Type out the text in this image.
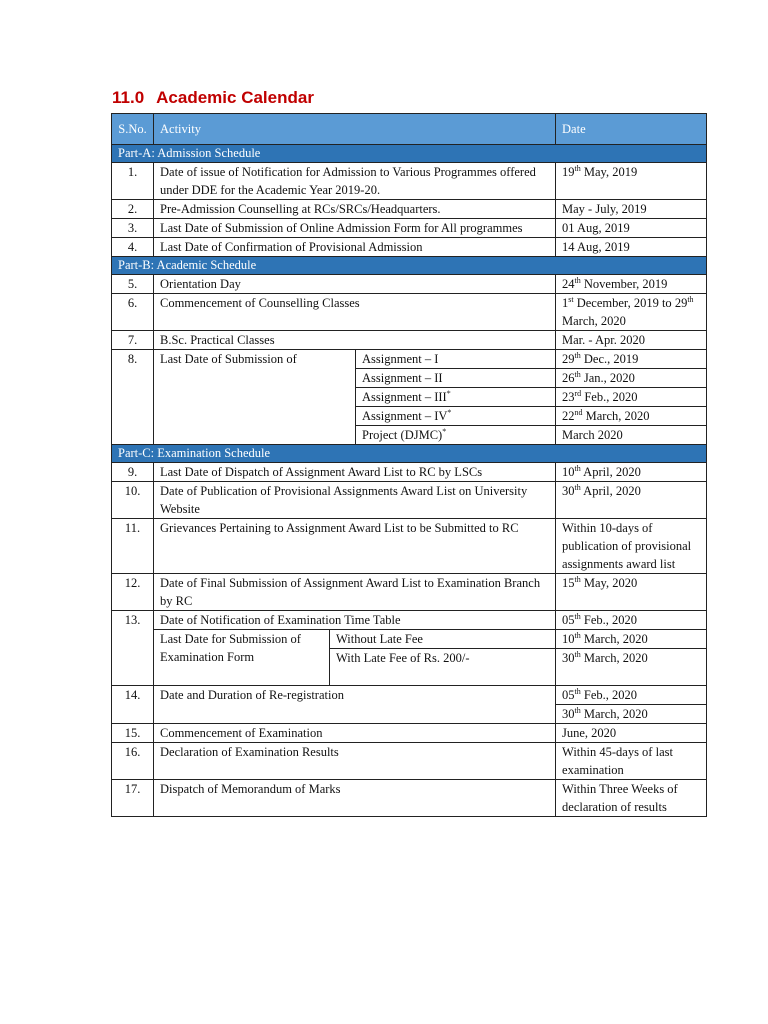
11.0 Academic Calendar
S.No.	Activity			Date
Part-A: Admission Schedule				
1.	Date of issue of Notification for Admission to Various Programmes offered under DDE for the Academic Year 2019-20.			19th May, 2019
2.	Pre-Admission Counselling at RCs/SRCs/Headquarters.			May - July, 2019
3.	Last Date of Submission of Online Admission Form for All programmes			01 Aug, 2019
4.	Last Date of Confirmation of Provisional Admission			14 Aug, 2019
Part-B: Academic Schedule				
5.	Orientation Day			24th November, 2019
6.	Commencement of Counselling Classes			1st December, 2019 to 29th March, 2020
7.	B.Sc. Practical Classes			Mar. - Apr. 2020
8.	Last Date of Submission of		Assignment – I	29th Dec., 2019
			Assignment – II	26th Jan., 2020
			Assignment – III*	23rd Feb., 2020
			Assignment – IV*	22nd March, 2020
			Project (DJMC)*	March 2020
Part-C: Examination Schedule				
9.	Last Date of Dispatch of Assignment Award List to RC by LSCs			10th April, 2020
10.	Date of Publication of Provisional Assignments Award List on University Website			30th April, 2020
11.	Grievances Pertaining to Assignment Award List to be Submitted to RC			Within 10-days of publication of provisional assignments award list
12.	Date of Final Submission of Assignment Award List to Examination Branch by RC			15th May, 2020
13.	Date of Notification of Examination Time Table			05th Feb., 2020
	Last Date for Submission of Examination Form	Without Late Fee		10th March, 2020
		With Late Fee of Rs. 200/-		30th March, 2020
14.	Date and Duration of Re-registration			05th Feb., 2020
				30th March, 2020
15.	Commencement of Examination			June, 2020
16.	Declaration of Examination Results			Within 45-days of last examination
17.	Dispatch of Memorandum of Marks			Within Three Weeks of declaration of results
